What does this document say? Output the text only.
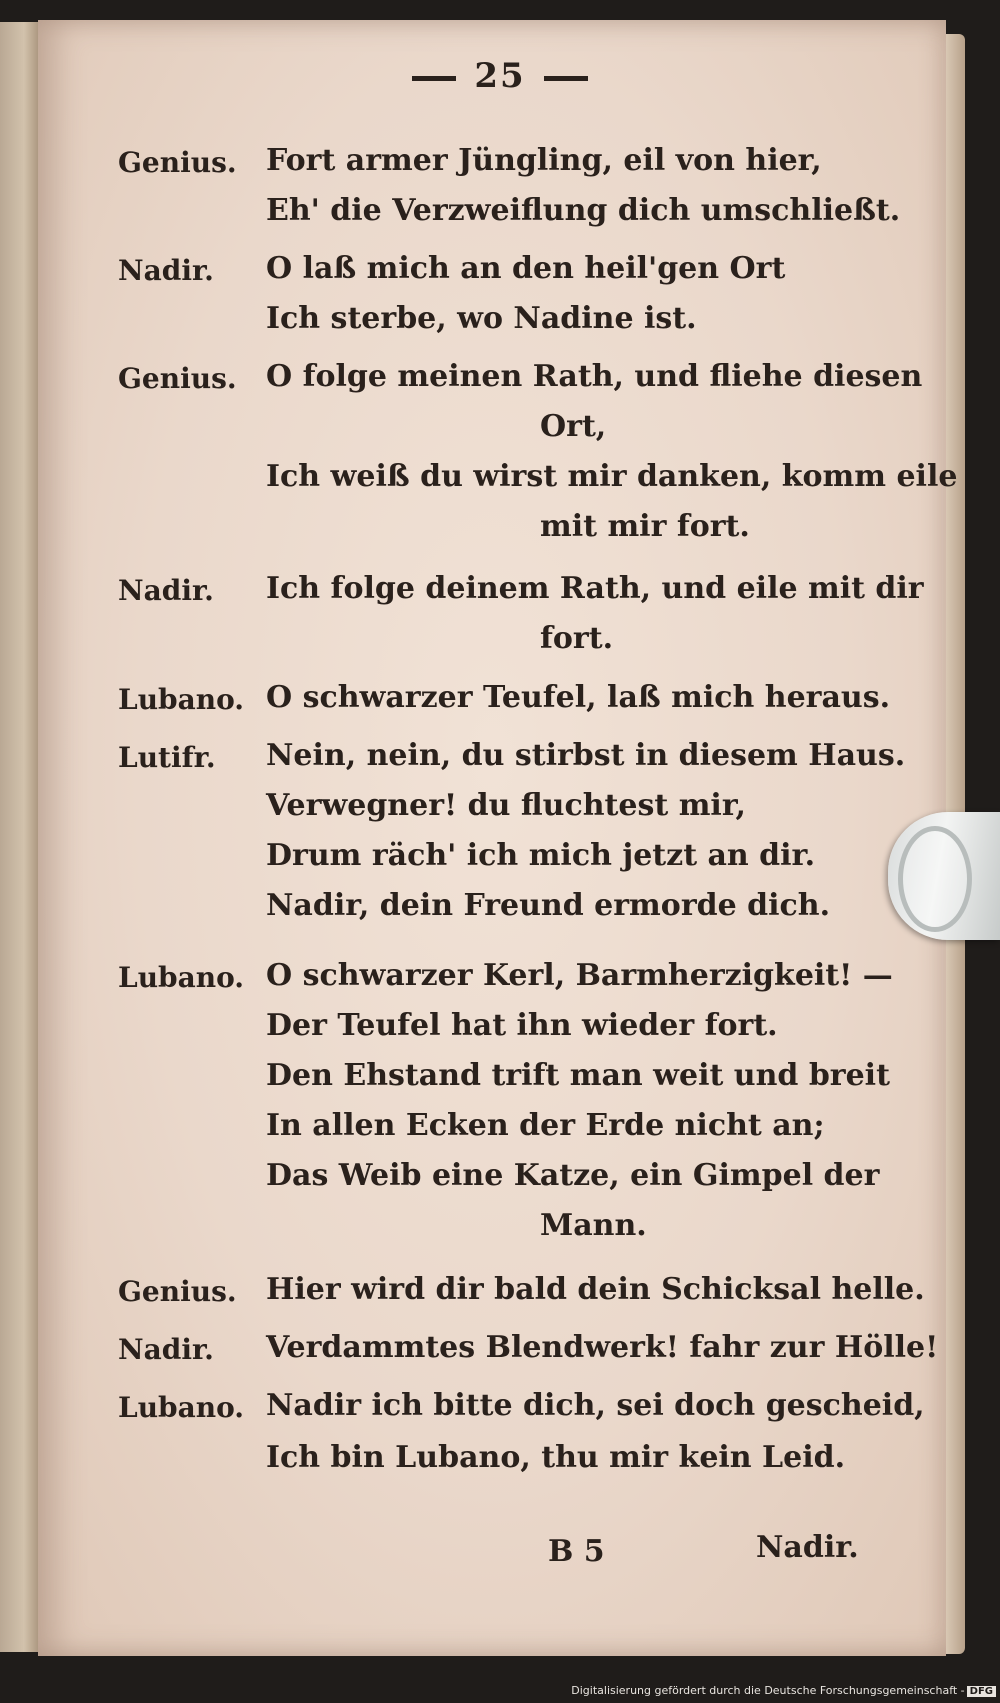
25
Genius. Fort armer Jüngling, eil von hier,
Eh' die Verzweiflung dich umschließt.
Nadir. O laß mich an den heil'gen Ort
Ich sterbe, wo Nadine ist.
Genius. O folge meinen Rath, und fliehe diesen
Ort,
Ich weiß du wirst mir danken, komm eile
mit mir fort.
Nadir. Ich folge deinem Rath, und eile mit dir
fort.
Lubano. O schwarzer Teufel, laß mich heraus.
Lutifr. Nein, nein, du stirbst in diesem Haus.
Verwegner! du fluchtest mir,
Drum räch' ich mich jetzt an dir.
Nadir, dein Freund ermorde dich.
Lubano. O schwarzer Kerl, Barmherzigkeit! —
Der Teufel hat ihn wieder fort.
Den Ehstand trift man weit und breit
In allen Ecken der Erde nicht an;
Das Weib eine Katze, ein Gimpel der
Mann.
Genius. Hier wird dir bald dein Schicksal helle.
Nadir. Verdammtes Blendwerk! fahr zur Hölle!
Lubano. Nadir ich bitte dich, sei doch gescheid,
Ich bin Lubano, thu mir kein Leid.
B 5	Nadir.
Digitalisierung gefördert durch die Deutsche Forschungsgemeinschaft - DFG
